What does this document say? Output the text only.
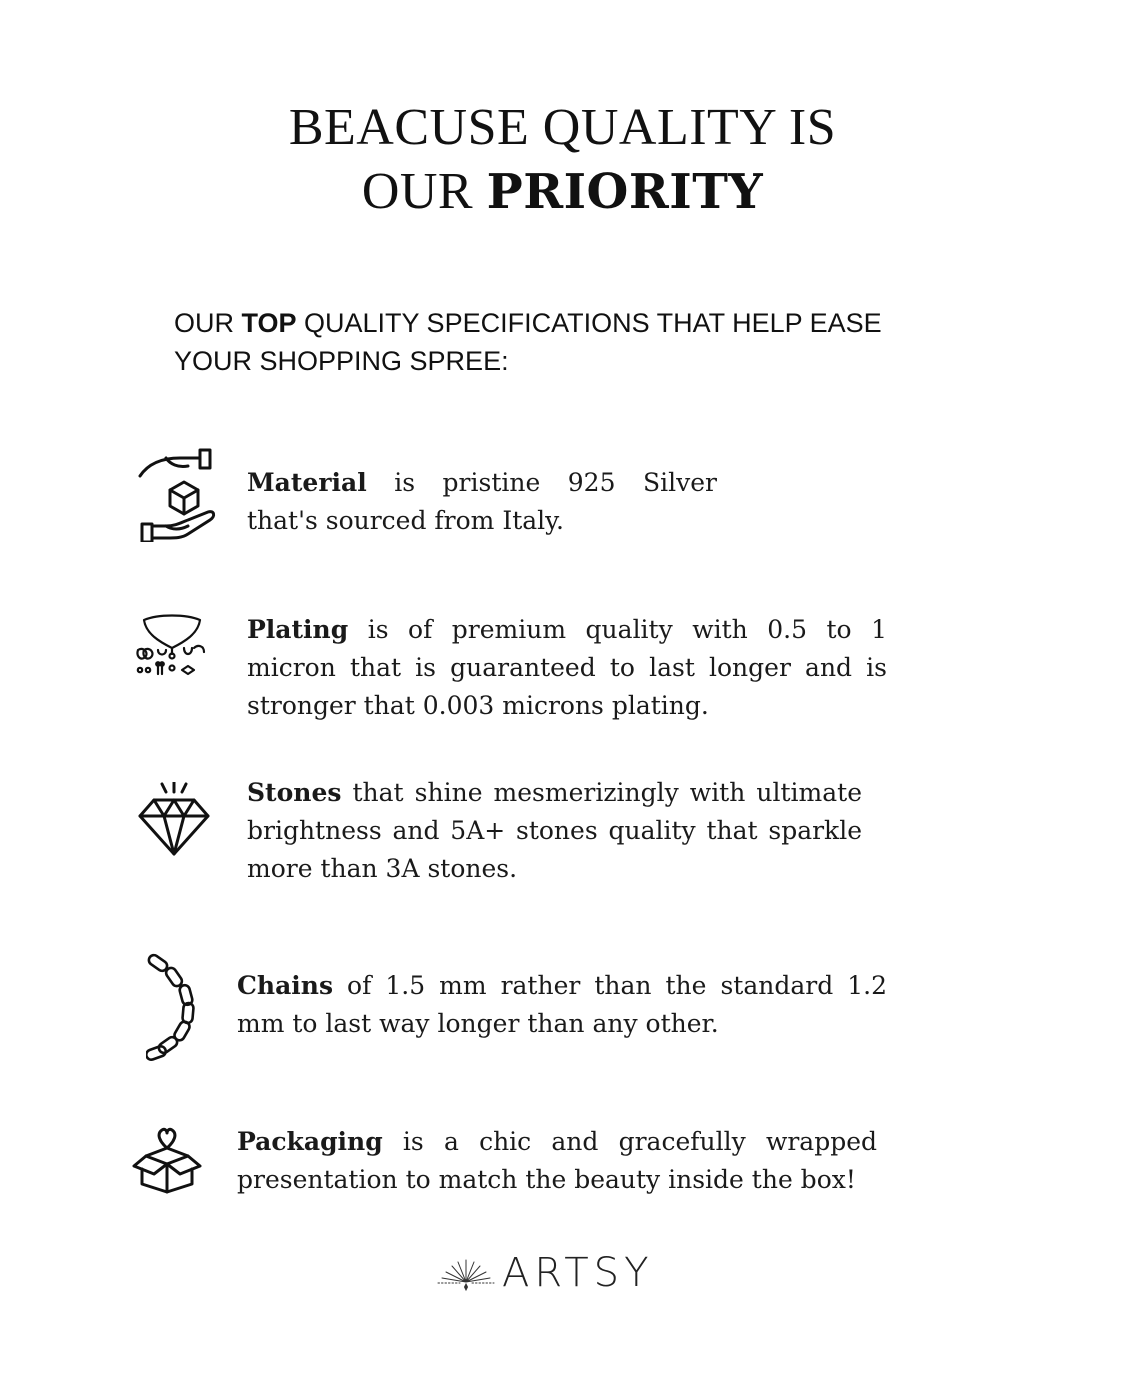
BEACUSE QUALITY IS
OUR PRIORITY
OUR TOP QUALITY SPECIFICATIONS THAT HELP EASE YOUR SHOPPING SPREE:
Material is pristine 925 Silver that's sourced from Italy.
Plating is of premium quality with 0.5 to 1 micron that is guaranteed to last longer and is stronger that 0.003 microns plating.
Stones that shine mesmerizingly with ultimate brightness and 5A+ stones quality that sparkle more than 3A stones.
Chains of 1.5 mm rather than the standard 1.2 mm to last way longer than any other.
Packaging is a chic and gracefully wrapped presentation to match the beauty inside the box!
ARTSY
